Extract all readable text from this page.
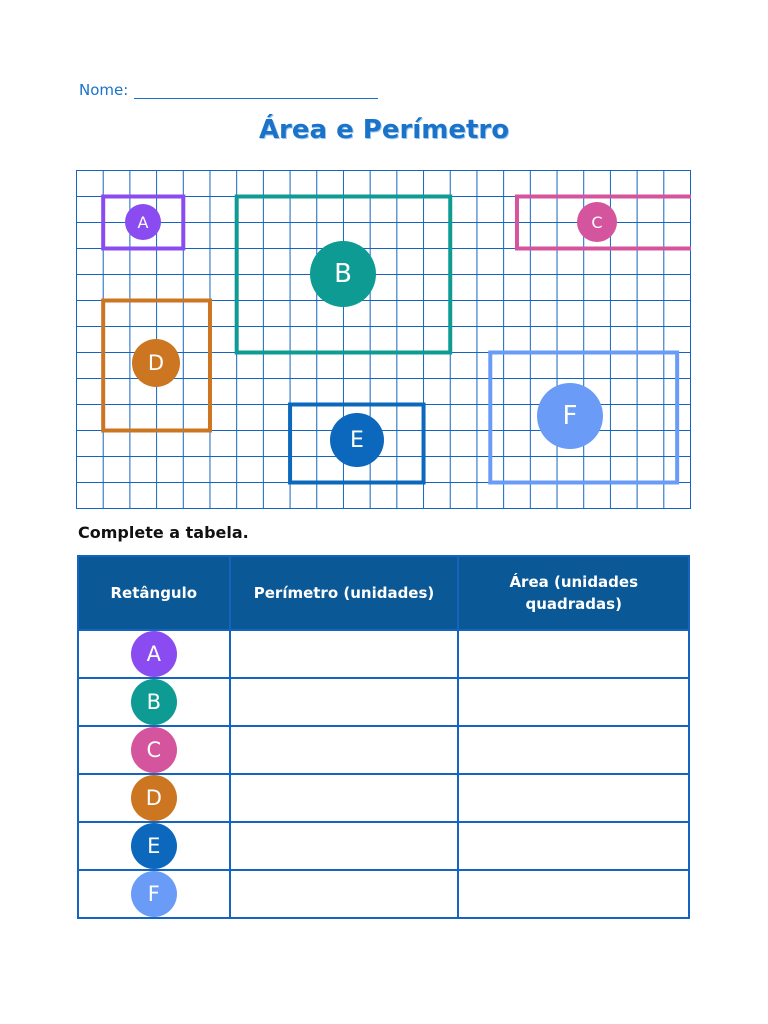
Nome:
Área e Perímetro
A
B
C
D
E
F
Complete a tabela.
Retângulo	Perímetro (unidades)	Área (unidades quadradas)
A		
B		
C		
D		
E		
F		
